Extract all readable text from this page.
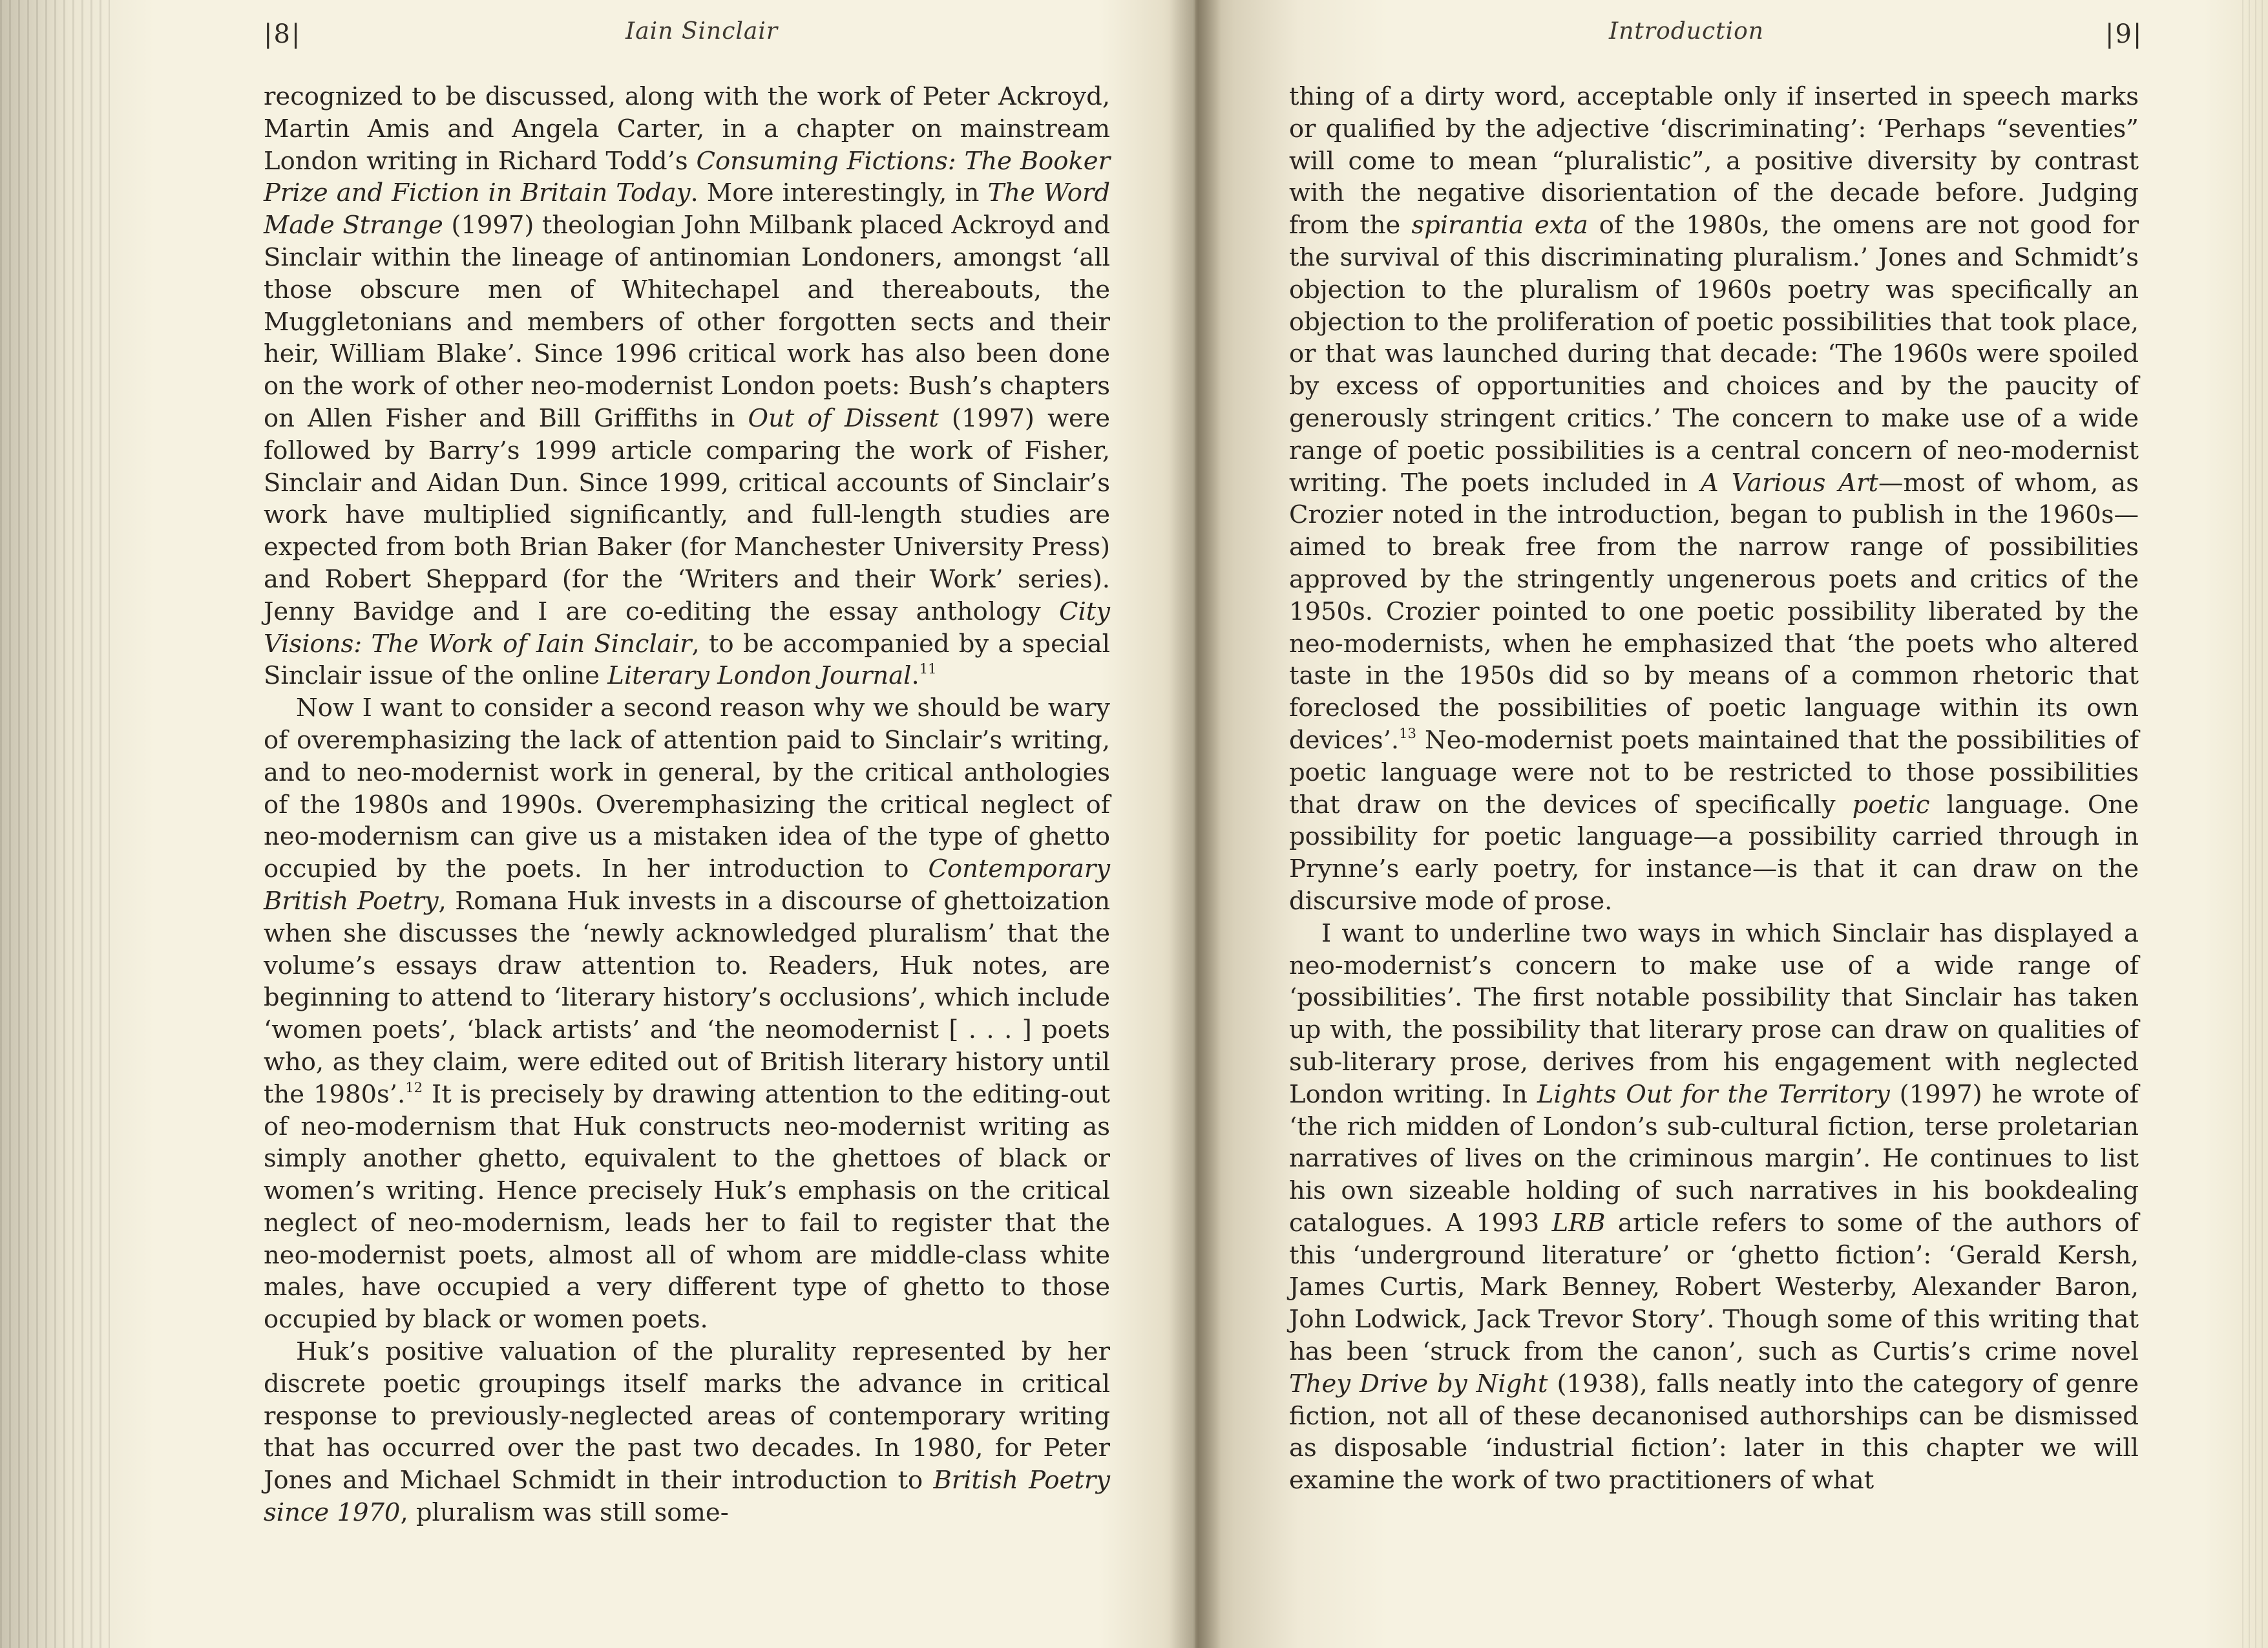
|8|	Iain Sinclair

recognized to be discussed, along with the work of Peter Ackroyd, Martin Amis and Angela Carter, in a chapter on mainstream London writing in Richard Todd’s Consuming Fictions: The Booker Prize and Fiction in Britain Today. More interestingly, in The Word Made Strange (1997) theologian John Milbank placed Ackroyd and Sinclair within the lineage of antinomian Londoners, amongst ‘all those obscure men of Whitechapel and thereabouts, the Muggletonians and members of other forgotten sects and their heir, William Blake’. Since 1996 critical work has also been done on the work of other neo-modernist London poets: Bush’s chapters on Allen Fisher and Bill Griffiths in Out of Dissent (1997) were followed by Barry’s 1999 article comparing the work of Fisher, Sinclair and Aidan Dun. Since 1999, critical accounts of Sinclair’s work have multiplied significantly, and full-length studies are expected from both Brian Baker (for Manchester University Press) and Robert Sheppard (for the ‘Writers and their Work’ series). Jenny Bavidge and I are co-editing the essay anthology City Visions: The Work of Iain Sinclair, to be accompanied by a special Sinclair issue of the online Literary London Journal.$^{11}$

Now I want to consider a second reason why we should be wary of overemphasizing the lack of attention paid to Sinclair’s writing, and to neo-modernist work in general, by the critical anthologies of the 1980s and 1990s. Overemphasizing the critical neglect of neo-modernism can give us a mistaken idea of the type of ghetto occupied by the poets. In her introduction to Contemporary British Poetry, Romana Huk invests in a discourse of ghettoization when she discusses the ‘newly acknowledged pluralism’ that the volume’s essays draw attention to. Readers, Huk notes, are beginning to attend to ‘literary history’s occlusions’, which include ‘women poets’, ‘black artists’ and ‘the neomodernist [ . . . ] poets who, as they claim, were edited out of British literary history until the 1980s’.$^{12}$ It is precisely by drawing attention to the editing-out of neo-modernism that Huk constructs neo-modernist writing as simply another ghetto, equivalent to the ghettoes of black or women’s writing. Hence precisely Huk’s emphasis on the critical neglect of neo-modernism, leads her to fail to register that the neo-modernist poets, almost all of whom are middle-class white males, have occupied a very different type of ghetto to those occupied by black or women poets.

Huk’s positive valuation of the plurality represented by her discrete poetic groupings itself marks the advance in critical response to previously-neglected areas of contemporary writing that has occurred over the past two decades. In 1980, for Peter Jones and Michael Schmidt in their introduction to British Poetry since 1970, pluralism was still some-

Introduction	|9|

thing of a dirty word, acceptable only if inserted in speech marks or qualified by the adjective ‘discriminating’: ‘Perhaps “seventies” will come to mean “pluralistic”, a positive diversity by contrast with the negative disorientation of the decade before. Judging from the spirantia exta of the 1980s, the omens are not good for the survival of this discriminating pluralism.’ Jones and Schmidt’s objection to the pluralism of 1960s poetry was specifically an objection to the proliferation of poetic possibilities that took place, or that was launched during that decade: ‘The 1960s were spoiled by excess of opportunities and choices and by the paucity of generously stringent critics.’ The concern to make use of a wide range of poetic possibilities is a central concern of neo-modernist writing. The poets included in A Various Art—most of whom, as Crozier noted in the introduction, began to publish in the 1960s—aimed to break free from the narrow range of possibilities approved by the stringently ungenerous poets and critics of the 1950s. Crozier pointed to one poetic possibility liberated by the neo-modernists, when he emphasized that ‘the poets who altered taste in the 1950s did so by means of a common rhetoric that foreclosed the possibilities of poetic language within its own devices’.$^{13}$ Neo-modernist poets maintained that the possibilities of poetic language were not to be restricted to those possibilities that draw on the devices of specifically poetic language. One possibility for poetic language—a possibility carried through in Prynne’s early poetry, for instance—is that it can draw on the discursive mode of prose.

I want to underline two ways in which Sinclair has displayed a neo-modernist’s concern to make use of a wide range of ‘possibilities’. The first notable possibility that Sinclair has taken up with, the possibility that literary prose can draw on qualities of sub-literary prose, derives from his engagement with neglected London writing. In Lights Out for the Territory (1997) he wrote of ‘the rich midden of London’s sub-cultural fiction, terse proletarian narratives of lives on the criminous margin’. He continues to list his own sizeable holding of such narratives in his bookdealing catalogues. A 1993 LRB article refers to some of the authors of this ‘underground literature’ or ‘ghetto fiction’: ‘Gerald Kersh, James Curtis, Mark Benney, Robert Westerby, Alexander Baron, John Lodwick, Jack Trevor Story’. Though some of this writing that has been ‘struck from the canon’, such as Curtis’s crime novel They Drive by Night (1938), falls neatly into the category of genre fiction, not all of these decanonised authorships can be dismissed as disposable ‘industrial fiction’: later in this chapter we will examine the work of two practitioners of what
